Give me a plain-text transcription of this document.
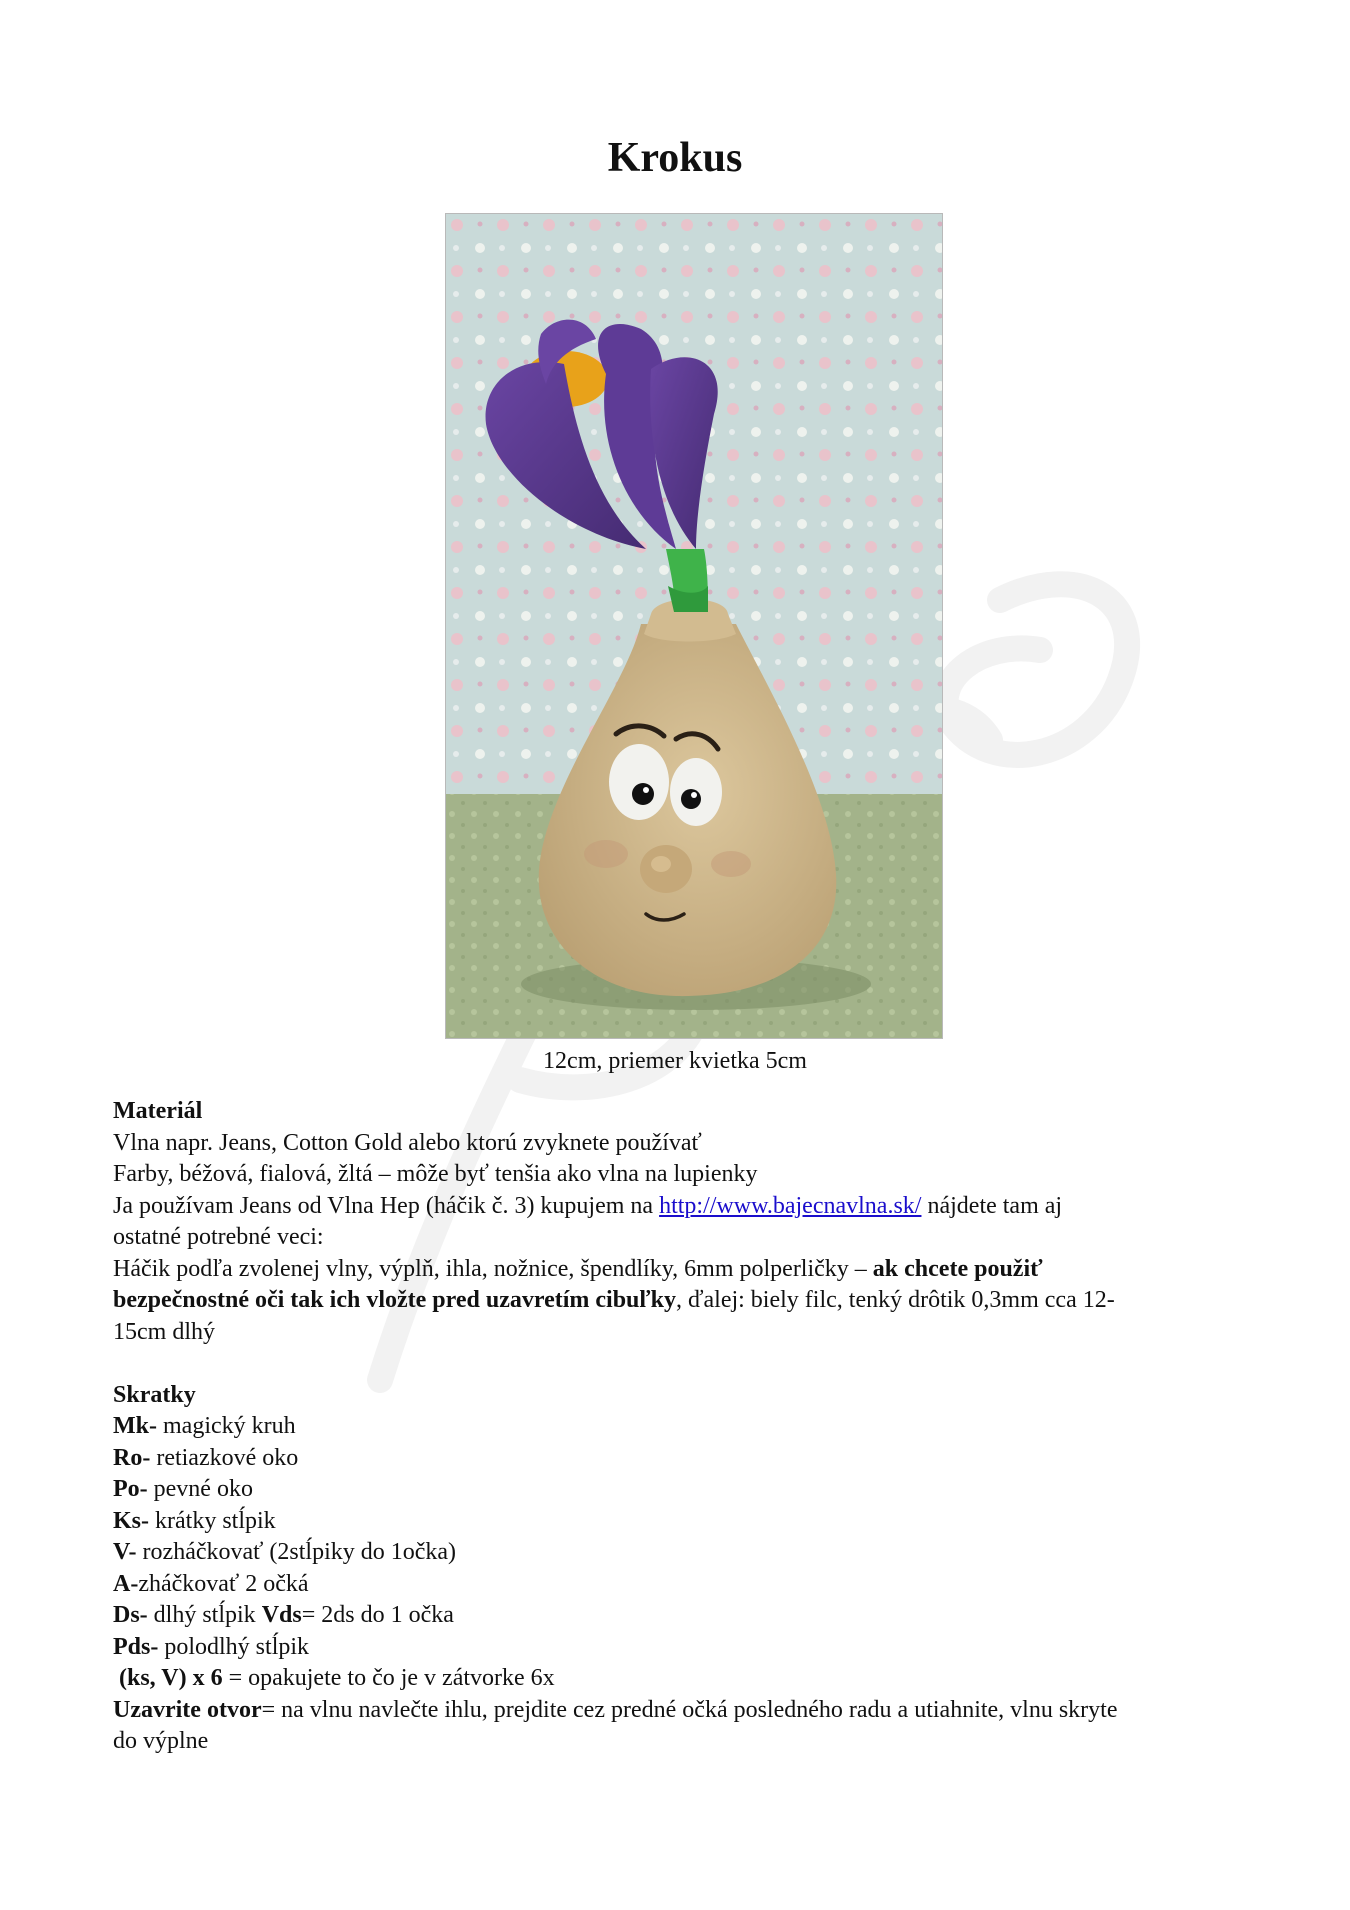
Krokus
12cm, priemer kvietka 5cm

Materiál

Vlna napr. Jeans, Cotton Gold alebo ktorú zvyknete používať

Farby, béžová, fialová, žltá – môže byť tenšia ako vlna na lupienky

Ja používam Jeans od Vlna Hep (háčik č. 3) kupujem na http://www.bajecnavlna.sk/ nájdete tam aj

ostatné potrebné veci:

Háčik podľa zvolenej vlny, výplň, ihla, nožnice, špendlíky, 6mm polperličky – ak chcete použiť

bezpečnostné oči tak ich vložte pred uzavretím cibuľky, ďalej: biely filc, tenký drôtik 0,3mm cca 12-

15cm dlhý

Skratky

Mk- magický kruh

Ro- retiazkové oko

Po- pevné oko

Ks- krátky stĺpik

V- rozháčkovať (2stĺpiky do 1očka)

A-zháčkovať 2 očká

Ds- dlhý stĺpik Vds= 2ds do 1 očka

Pds- polodlhý stĺpik

(ks, V) x 6 = opakujete to čo je v zátvorke 6x

Uzavrite otvor= na vlnu navlečte ihlu, prejdite cez predné očká posledného radu a utiahnite, vlnu skryte

do výplne
